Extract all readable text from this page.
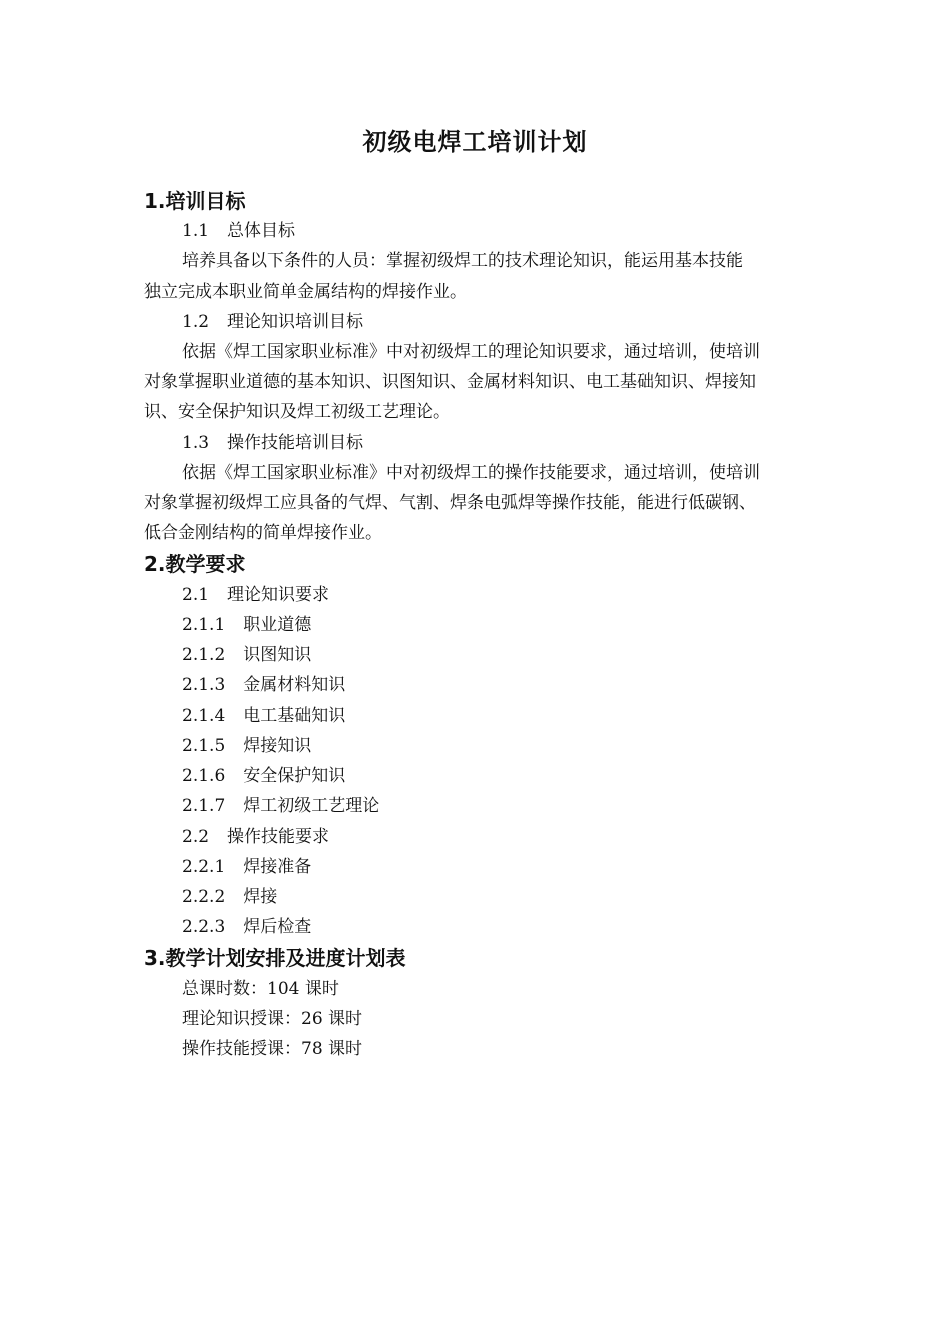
初级电焊工培训计划
1.培训目标
1.1 总体目标
培养具备以下条件的人员：掌握初级焊工的技术理论知识，能运用基本技能
独立完成本职业简单金属结构的焊接作业。
1.2 理论知识培训目标
依据《焊工国家职业标准》中对初级焊工的理论知识要求，通过培训，使培训
对象掌握职业道德的基本知识、识图知识、金属材料知识、电工基础知识、焊接知
识、安全保护知识及焊工初级工艺理论。
1.3 操作技能培训目标
依据《焊工国家职业标准》中对初级焊工的操作技能要求，通过培训，使培训
对象掌握初级焊工应具备的气焊、气割、焊条电弧焊等操作技能，能进行低碳钢、
低合金刚结构的简单焊接作业。
2.教学要求
2.1 理论知识要求
2.1.1 职业道德
2.1.2 识图知识
2.1.3 金属材料知识
2.1.4 电工基础知识
2.1.5 焊接知识
2.1.6 安全保护知识
2.1.7 焊工初级工艺理论
2.2 操作技能要求
2.2.1 焊接准备
2.2.2 焊接
2.2.3 焊后检查
3.教学计划安排及进度计划表
总课时数：104 课时
理论知识授课：26 课时
操作技能授课：78 课时
